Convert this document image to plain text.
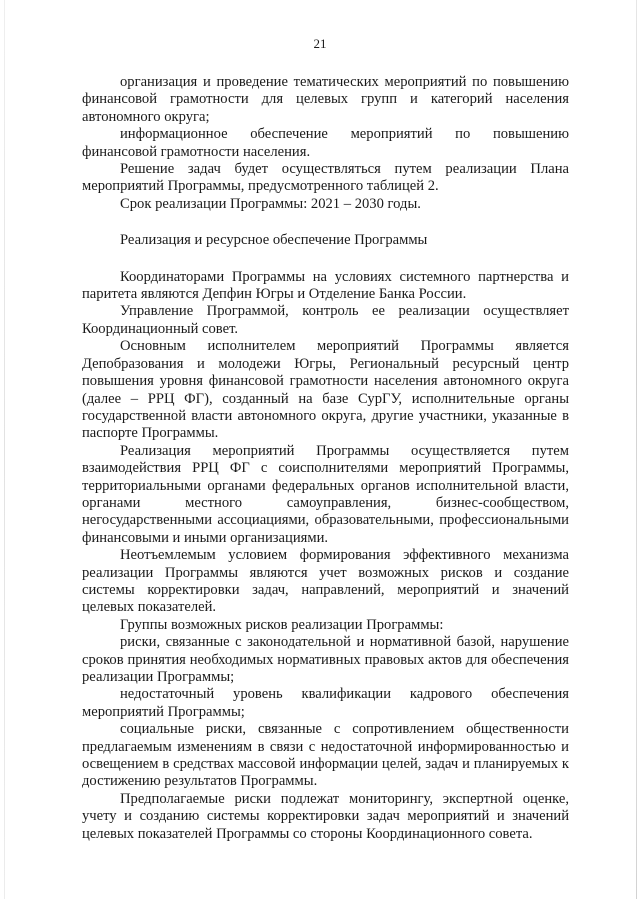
21

организация и проведение тематических мероприятий по повышению финансовой грамотности для целевых групп и категорий населения автономного округа;

информационное обеспечение мероприятий по повышению финансовой грамотности населения.

Решение задач будет осуществляться путем реализации Плана мероприятий Программы, предусмотренного таблицей 2.

Срок реализации Программы: 2021 – 2030 годы.

Реализация и ресурсное обеспечение Программы

Координаторами Программы на условиях системного партнерства и паритета являются Депфин Югры и Отделение Банка России.

Управление Программой, контроль ее реализации осуществляет Координационный совет.

Основным исполнителем мероприятий Программы является Депобразования и молодежи Югры, Региональный ресурсный центр повышения уровня финансовой грамотности населения автономного округа (далее – РРЦ ФГ), созданный на базе СурГУ, исполнительные органы государственной власти автономного округа, другие участники, указанные в паспорте Программы.

Реализация мероприятий Программы осуществляется путем взаимодействия РРЦ ФГ с соисполнителями мероприятий Программы, территориальными органами федеральных органов исполнительной власти, органами местного самоуправления, бизнес-сообществом, негосударственными ассоциациями, образовательными, профессиональными финансовыми и иными организациями.

Неотъемлемым условием формирования эффективного механизма реализации Программы являются учет возможных рисков и создание системы корректировки задач, направлений, мероприятий и значений целевых показателей.

Группы возможных рисков реализации Программы:

риски, связанные с законодательной и нормативной базой, нарушение сроков принятия необходимых нормативных правовых актов для обеспечения реализации Программы;

недостаточный уровень квалификации кадрового обеспечения мероприятий Программы;

социальные риски, связанные с сопротивлением общественности предлагаемым изменениям в связи с недостаточной информированностью и освещением в средствах массовой информации целей, задач и планируемых к достижению результатов Программы.

Предполагаемые риски подлежат мониторингу, экспертной оценке, учету и созданию системы корректировки задач мероприятий и значений целевых показателей Программы со стороны Координационного совета.
